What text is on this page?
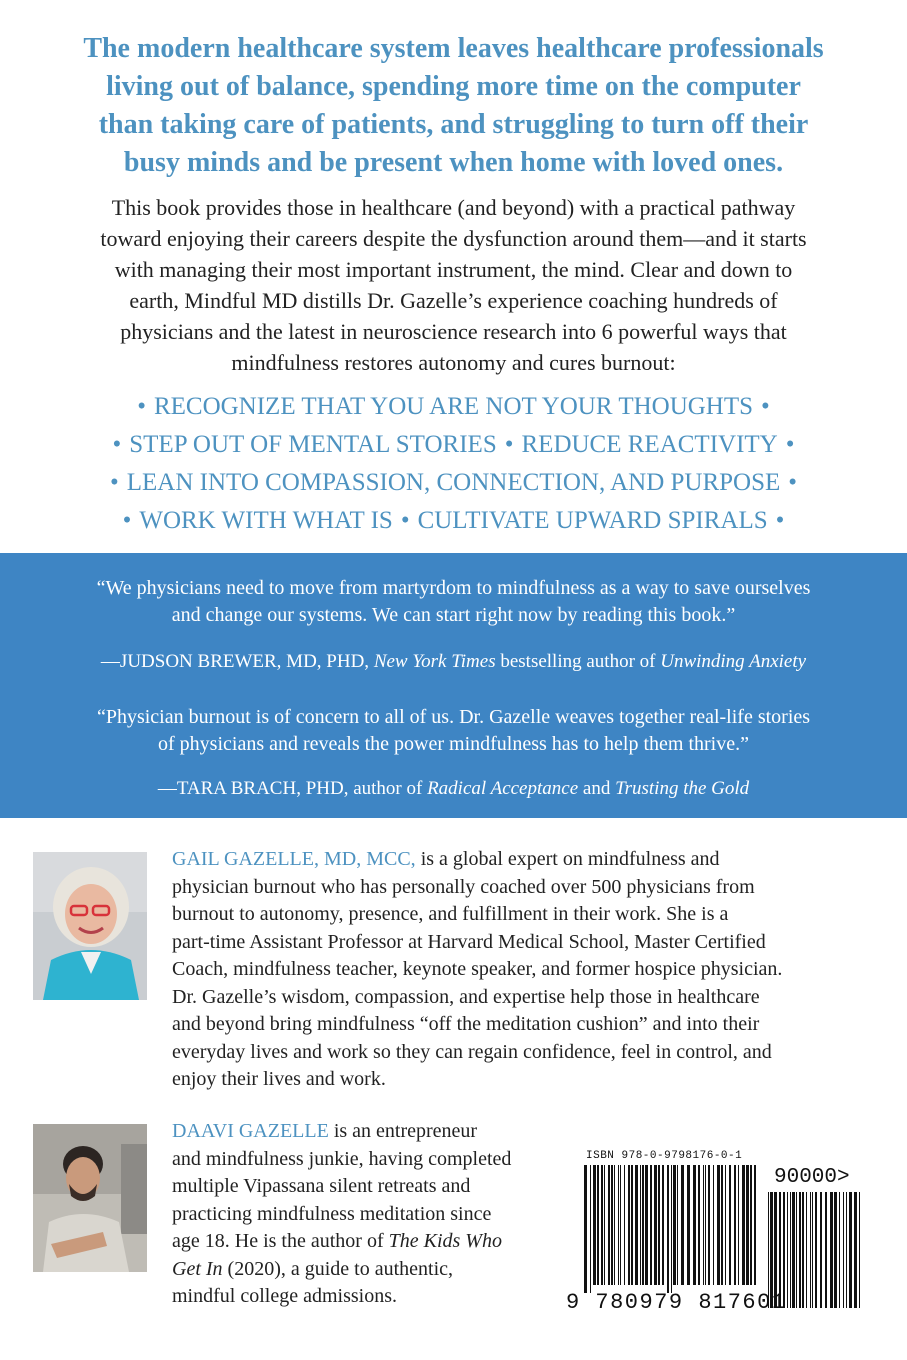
The modern healthcare system leaves healthcare professionals
living out of balance, spending more time on the computer
than taking care of patients, and struggling to turn off their
busy minds and be present when home with loved ones.
This book provides those in healthcare (and beyond) with a practical pathway
toward enjoying their careers despite the dysfunction around them—and it starts
with managing their most important instrument, the mind. Clear and down to
earth, Mindful MD distills Dr. Gazelle’s experience coaching hundreds of
physicians and the latest in neuroscience research into 6 powerful ways that
mindfulness restores autonomy and cures burnout:
• RECOGNIZE THAT YOU ARE NOT YOUR THOUGHTS •
• STEP OUT OF MENTAL STORIES • REDUCE REACTIVITY •
• LEAN INTO COMPASSION, CONNECTION, AND PURPOSE •
• WORK WITH WHAT IS • CULTIVATE UPWARD SPIRALS •
“We physicians need to move from martyrdom to mindfulness as a way to save ourselves
and change our systems. We can start right now by reading this book.”
—JUDSON BREWER, MD, PHD, New York Times bestselling author of Unwinding Anxiety
“Physician burnout is of concern to all of us. Dr. Gazelle weaves together real-life stories
of physicians and reveals the power mindfulness has to help them thrive.”
—TARA BRACH, PHD, author of Radical Acceptance and Trusting the Gold
GAIL GAZELLE, MD, MCC, is a global expert on mindfulness and
physician burnout who has personally coached over 500 physicians from
burnout to autonomy, presence, and fulfillment in their work. She is a
part-time Assistant Professor at Harvard Medical School, Master Certified
Coach, mindfulness teacher, keynote speaker, and former hospice physician.
Dr. Gazelle’s wisdom, compassion, and expertise help those in healthcare
and beyond bring mindfulness “off the meditation cushion” and into their
everyday lives and work so they can regain confidence, feel in control, and
enjoy their lives and work.
DAAVI GAZELLE is an entrepreneur
and mindfulness junkie, having completed
multiple Vipassana silent retreats and
practicing mindfulness meditation since
age 18. He is the author of The Kids Who
Get In (2020), a guide to authentic,
mindful college admissions.
ISBN 978-0-9798176-0-1
90000>
9 780979 817601
